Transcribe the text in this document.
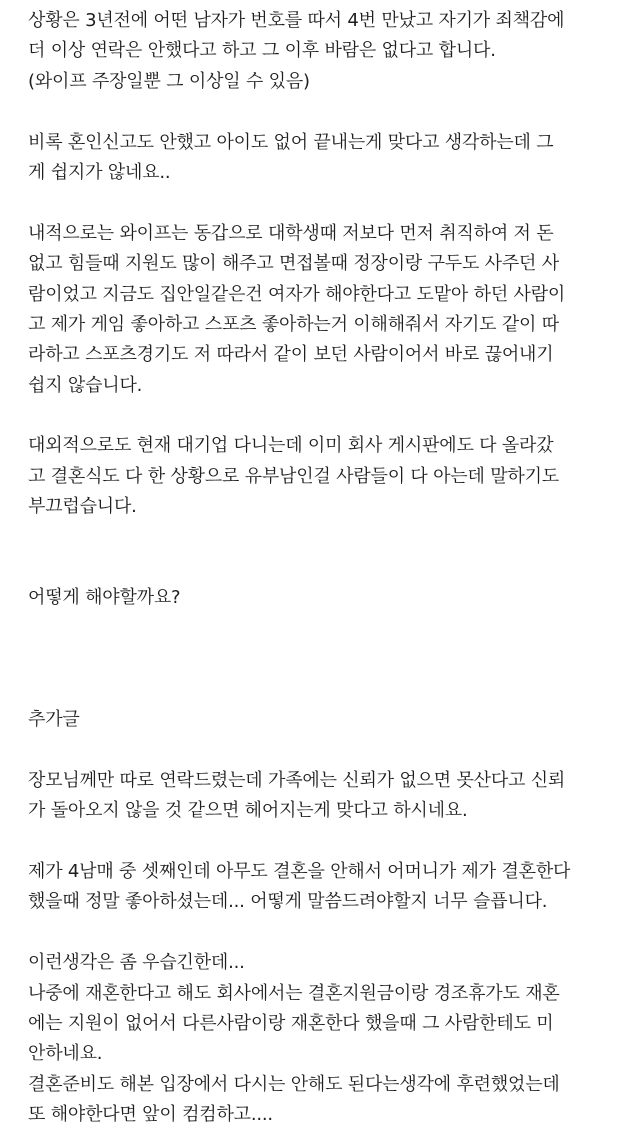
상황은 3년전에 어떤 남자가 번호를 따서 4번 만났고 자기가 죄책감에
더 이상 연락은 안했다고 하고 그 이후 바람은 없다고 합니다.
(와이프 주장일뿐 그 이상일 수 있음)
비록 혼인신고도 안했고 아이도 없어 끝내는게 맞다고 생각하는데 그
게 쉽지가 않네요..
내적으로는 와이프는 동갑으로 대학생때 저보다 먼저 취직하여 저 돈
없고 힘들때 지원도 많이 해주고 면접볼때 정장이랑 구두도 사주던 사
람이었고 지금도 집안일같은건 여자가 해야한다고 도맡아 하던 사람이
고 제가 게임 좋아하고 스포츠 좋아하는거 이해해줘서 자기도 같이 따
라하고 스포츠경기도 저 따라서 같이 보던 사람이어서 바로 끊어내기
쉽지 않습니다.
대외적으로도 현재 대기업 다니는데 이미 회사 게시판에도 다 올라갔
고 결혼식도 다 한 상황으로 유부남인걸 사람들이 다 아는데 말하기도
부끄럽습니다.
어떻게 해야할까요?
추가글
장모님께만 따로 연락드렸는데 가족에는 신뢰가 없으면 못산다고 신뢰
가 돌아오지 않을 것 같으면 헤어지는게 맞다고 하시네요.
제가 4남매 중 셋째인데 아무도 결혼을 안해서 어머니가 제가 결혼한다
했을때 정말 좋아하셨는데... 어떻게 말씀드려야할지 너무 슬픕니다.
이런생각은 좀 우습긴한데...
나중에 재혼한다고 해도 회사에서는 결혼지원금이랑 경조휴가도 재혼
에는 지원이 없어서 다른사람이랑 재혼한다 했을때 그 사람한테도 미
안하네요.
결혼준비도 해본 입장에서 다시는 안해도 된다는생각에 후련했었는데
또 해야한다면 앞이 컴컴하고....
